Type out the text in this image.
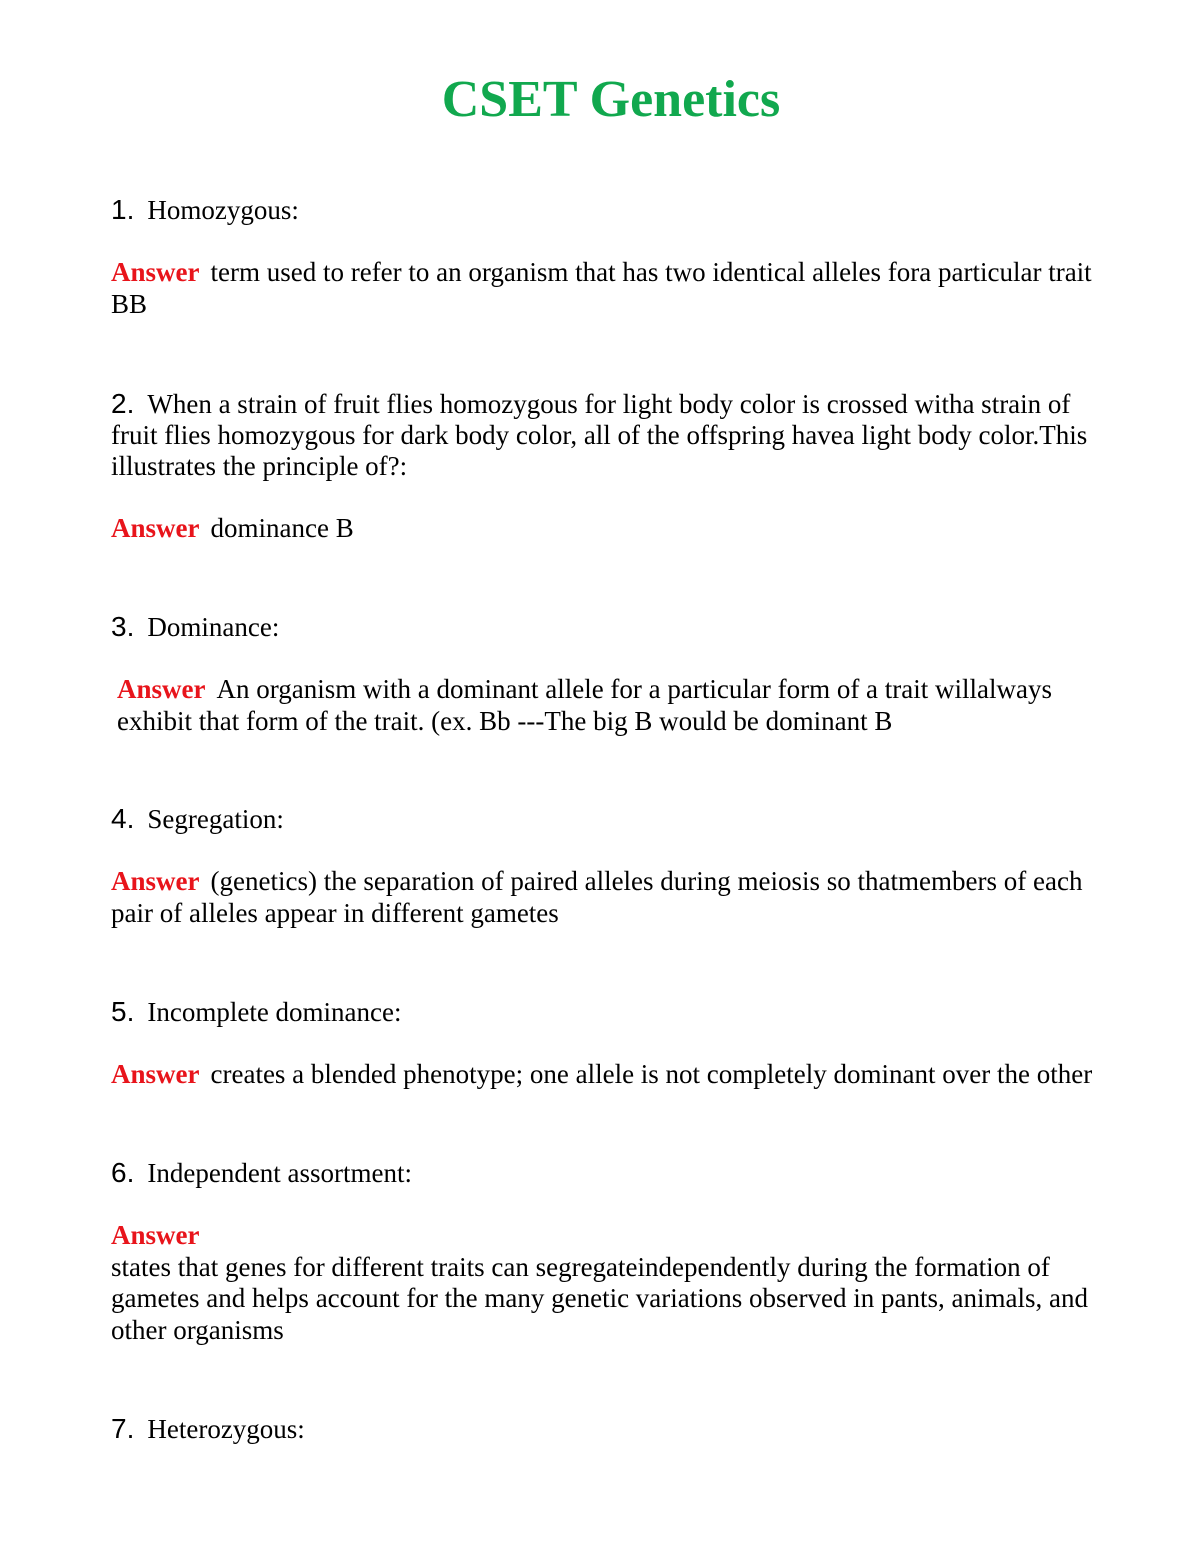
CSET Genetics

1. Homozygous:

Answer term used to refer to an organism that has two identical alleles fora particular trait BB

2. When a strain of fruit flies homozygous for light body color is crossed witha strain of fruit flies homozygous for dark body color, all of the offspring havea light body color.This illustrates the principle of?:

Answer dominance B

3. Dominance:

Answer An organism with a dominant allele for a particular form of a trait willalways exhibit that form of the trait. (ex. Bb ---The big B would be dominant B

4. Segregation:

Answer (genetics) the separation of paired alleles during meiosis so thatmembers of each pair of alleles appear in different gametes

5. Incomplete dominance:

Answer creates a blended phenotype; one allele is not completely dominant over the other

6. Independent assortment:

Answer
states that genes for different traits can segregateindependently during the formation of gametes and helps account for the many genetic variations observed in pants, animals, and other organisms

7. Heterozygous:
